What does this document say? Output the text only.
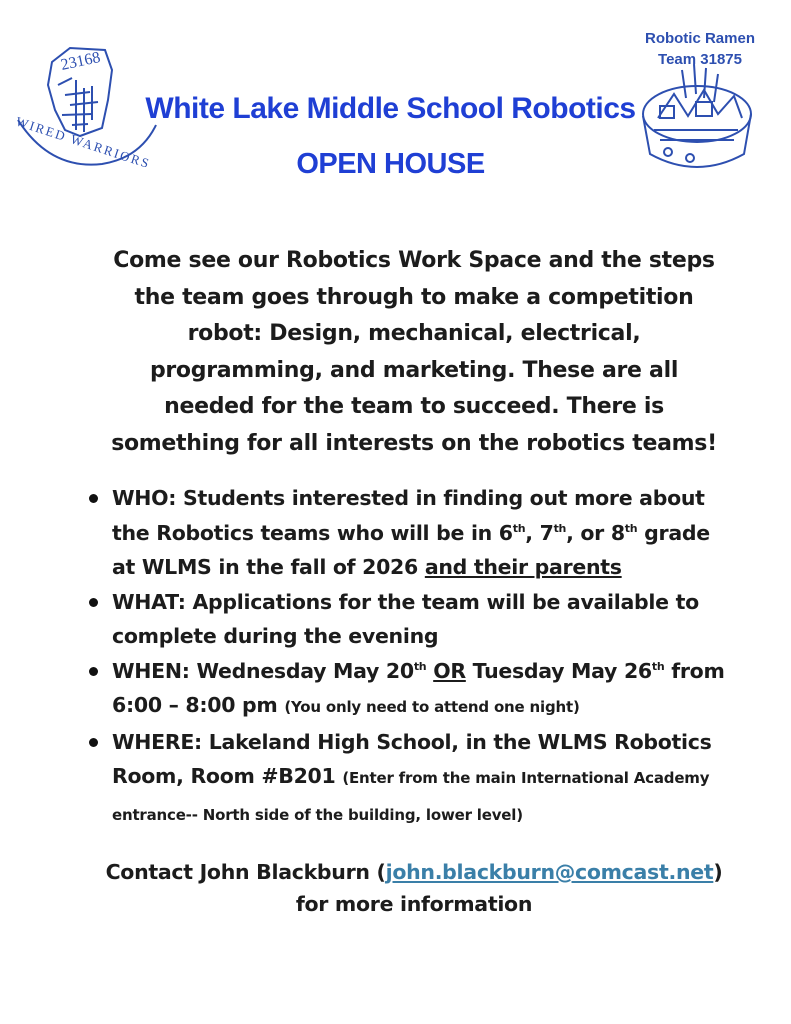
23168
WIRED WARRIORS
Robotic Ramen
Team 31875
White Lake Middle School Robotics
OPEN HOUSE
Come see our Robotics Work Space and the steps the team goes through to make a competition robot: Design, mechanical, electrical, programming, and marketing. These are all needed for the team to succeed. There is something for all interests on the robotics teams!
WHO: Students interested in finding out more about the Robotics teams who will be in 6th, 7th, or 8th grade at WLMS in the fall of 2026 and their parents
WHAT: Applications for the team will be available to complete during the evening
WHEN: Wednesday May 20th OR Tuesday May 26th from 6:00 – 8:00 pm (You only need to attend one night)
WHERE: Lakeland High School, in the WLMS Robotics Room, Room #B201 (Enter from the main International Academy entrance-- North side of the building, lower level)
Contact John Blackburn (john.blackburn@comcast.net)
for more information
